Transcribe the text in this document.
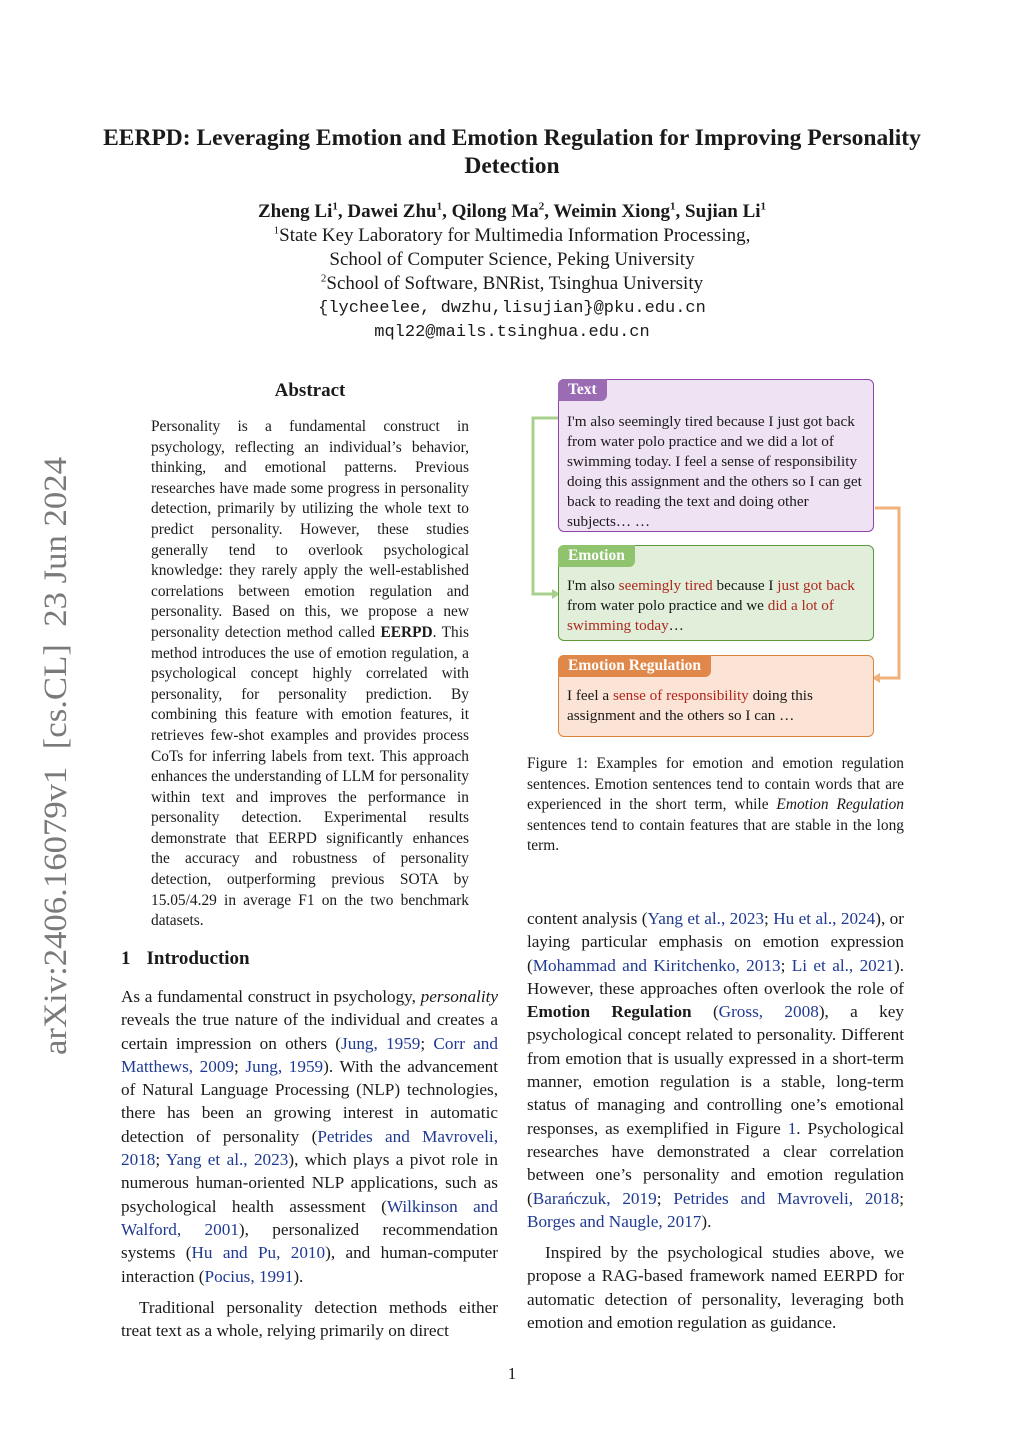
EERPD: Leveraging Emotion and Emotion Regulation for Improving Personality Detection
Zheng Li$^1$, Dawei Zhu$^1$, Qilong Ma$^2$, Weimin Xiong$^1$, Sujian Li$^1$
$^1$State Key Laboratory for Multimedia Information Processing,
School of Computer Science, Peking University
$^2$School of Software, BNRist, Tsinghua University
{lycheelee, dwzhu,lisujian}@pku.edu.cn
mql22@mails.tsinghua.edu.cn
arXiv:2406.16079v1  [cs.CL]  23 Jun 2024
Abstract

Personality is a fundamental construct in psychology, reflecting an individual’s behavior, thinking, and emotional patterns. Previous researches have made some progress in personality detection, primarily by utilizing the whole text to predict personality. However, these studies generally tend to overlook psychological knowledge: they rarely apply the well-established correlations between emotion regulation and personality. Based on this, we propose a new personality detection method called EERPD. This method introduces the use of emotion regulation, a psychological concept highly correlated with personality, for personality prediction. By combining this feature with emotion features, it retrieves few-shot examples and provides process CoTs for inferring labels from text. This approach enhances the understanding of LLM for personality within text and improves the performance in personality detection. Experimental results demonstrate that EERPD significantly enhances the accuracy and robustness of personality detection, outperforming previous SOTA by 15.05/4.29 in average F1 on the two benchmark datasets.

1 Introduction

As a fundamental construct in psychology, personality reveals the true nature of the individual and creates a certain impression on others (Jung, 1959; Corr and Matthews, 2009; Jung, 1959). With the advancement of Natural Language Processing (NLP) technologies, there has been an growing interest in automatic detection of personality (Petrides and Mavroveli, 2018; Yang et al., 2023), which plays a pivot role in numerous human-oriented NLP applications, such as psychological health assessment (Wilkinson and Walford, 2001), personalized recommendation systems (Hu and Pu, 2010), and human-computer interaction (Pocius, 1991).

Traditional personality detection methods either treat text as a whole, relying primarily on direct

Text
I'm also seemingly tired because I just got back from water polo practice and we did a lot of swimming today. I feel a sense of responsibility doing this assignment and the others so I can get back to reading the text and doing other subjects… …
Emotion
I'm also seemingly tired because I just got back from water polo practice and we did a lot of swimming today…
Emotion Regulation
I feel a sense of responsibility doing this assignment and the others so I can …
Figure 1: Examples for emotion and emotion regulation sentences. Emotion sentences tend to contain words that are experienced in the short term, while Emotion Regulation sentences tend to contain features that are stable in the long term.

content analysis (Yang et al., 2023; Hu et al., 2024), or laying particular emphasis on emotion expression (Mohammad and Kiritchenko, 2013; Li et al., 2021). However, these approaches often overlook the role of Emotion Regulation (Gross, 2008), a key psychological concept related to personality. Different from emotion that is usually expressed in a short-term manner, emotion regulation is a stable, long-term status of managing and controlling one’s emotional responses, as exemplified in Figure 1. Psychological researches have demonstrated a clear correlation between one’s personality and emotion regulation (Barańczuk, 2019; Petrides and Mavroveli, 2018; Borges and Naugle, 2017).

Inspired by the psychological studies above, we propose a RAG-based framework named EERPD for automatic detection of personality, leveraging both emotion and emotion regulation as guidance.

1
